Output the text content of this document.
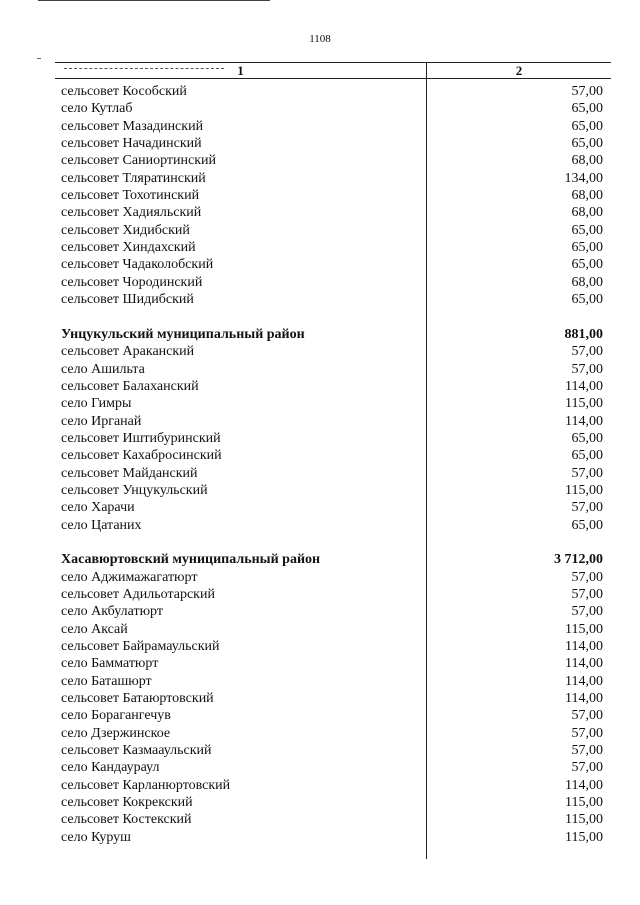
1108
1	2
сельсовет Кособский	57,00
село Кутлаб	65,00
сельсовет Мазадинский	65,00
сельсовет Начадинский	65,00
сельсовет Саниортинский	68,00
сельсовет Тляратинский	134,00
сельсовет Тохотинский	68,00
сельсовет Хадияльский	68,00
сельсовет Хидибский	65,00
сельсовет Хиндахский	65,00
сельсовет Чадаколобский	65,00
сельсовет Чородинский	68,00
сельсовет Шидибский	65,00
Унцукульский муниципальный район	881,00
сельсовет Араканский	57,00
село Ашильта	57,00
сельсовет Балаханский	114,00
село Гимры	115,00
село Ирганай	114,00
сельсовет Иштибуринский	65,00
сельсовет Кахабросинский	65,00
сельсовет Майданский	57,00
сельсовет Унцукульский	115,00
село Харачи	57,00
село Цатаних	65,00
Хасавюртовский муниципальный район	3 712,00
село Аджимажагатюрт	57,00
сельсовет Адильотарский	57,00
село Акбулатюрт	57,00
село Аксай	115,00
сельсовет Байрамаульский	114,00
село Бамматюрт	114,00
село Баташюрт	114,00
сельсовет Батаюртовский	114,00
село Борагангечув	57,00
село Дзержинское	57,00
сельсовет Казмааульский	57,00
село Кандаураул	57,00
сельсовет Карланюртовский	114,00
сельсовет Кокрекский	115,00
сельсовет Костекский	115,00
село Куруш	115,00
